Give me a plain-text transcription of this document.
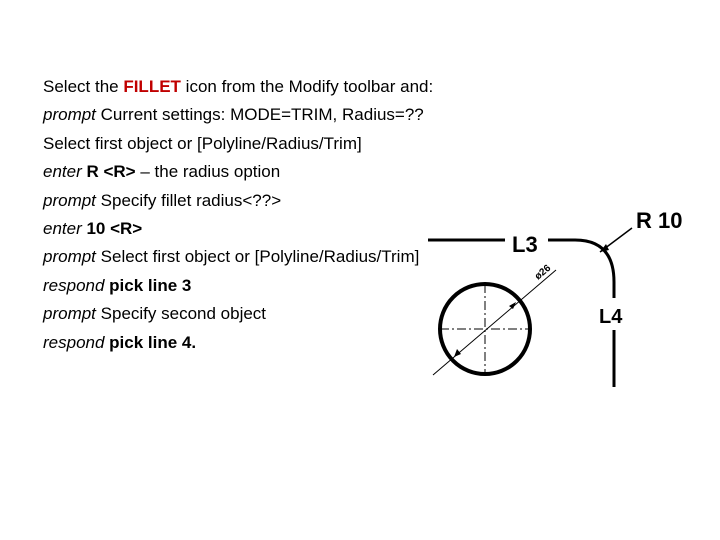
Select the FILLET icon from the Modify toolbar and:
prompt Current settings: MODE=TRIM, Radius=??
Select first object or [Polyline/Radius/Trim]
enter R <R> – the radius option
prompt Specify fillet radius<??>
enter 10 <R>
prompt Select first object or [Polyline/Radius/Trim]
respond pick line 3
prompt Specify second object
respond pick line 4.
L3
L4
R 10
ø26
